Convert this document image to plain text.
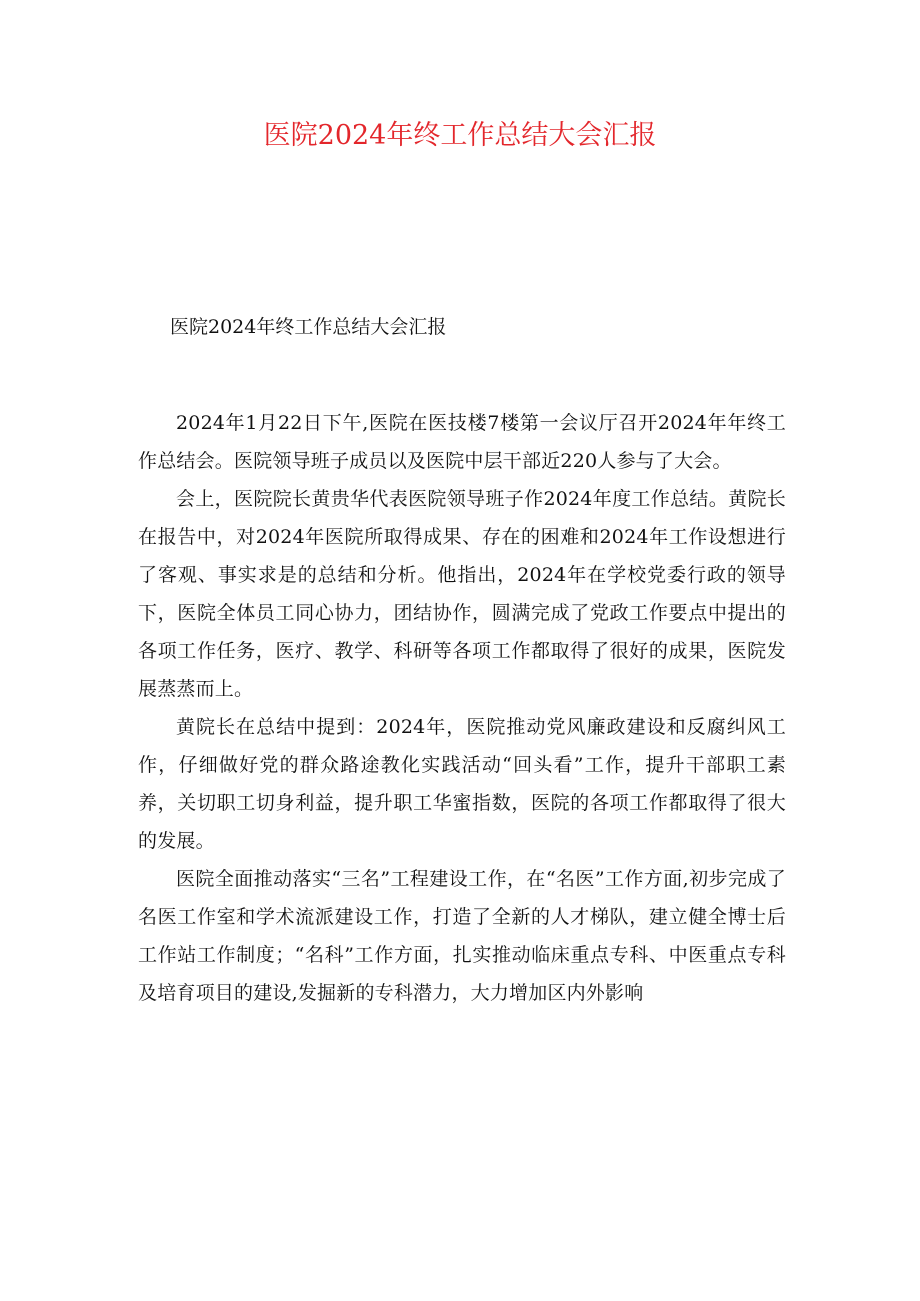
医院2024年终工作总结大会汇报
医院2024年终工作总结大会汇报

2024年1月22日下午,医院在医技楼7楼第一会议厅召开2024年年终工作总结会。医院领导班子成员以及医院中层干部近220人参与了大会。

会上，医院院长黄贵华代表医院领导班子作2024年度工作总结。黄院长在报告中，对2024年医院所取得成果、存在的困难和2024年工作设想进行了客观、事实求是的总结和分析。他指出，2024年在学校党委行政的领导下，医院全体员工同心协力，团结协作，圆满完成了党政工作要点中提出的各项工作任务，医疗、教学、科研等各项工作都取得了很好的成果，医院发展蒸蒸而上。

黄院长在总结中提到：2024年，医院推动党风廉政建设和反腐纠风工作，仔细做好党的群众路途教化实践活动“回头看”工作，提升干部职工素养，关切职工切身利益，提升职工华蜜指数，医院的各项工作都取得了很大的发展。

医院全面推动落实“三名”工程建设工作，在“名医”工作方面,初步完成了名医工作室和学术流派建设工作，打造了全新的人才梯队，建立健全博士后工作站工作制度；“名科”工作方面，扎实推动临床重点专科、中医重点专科及培育项目的建设,发掘新的专科潜力，大力增加区内外影响
